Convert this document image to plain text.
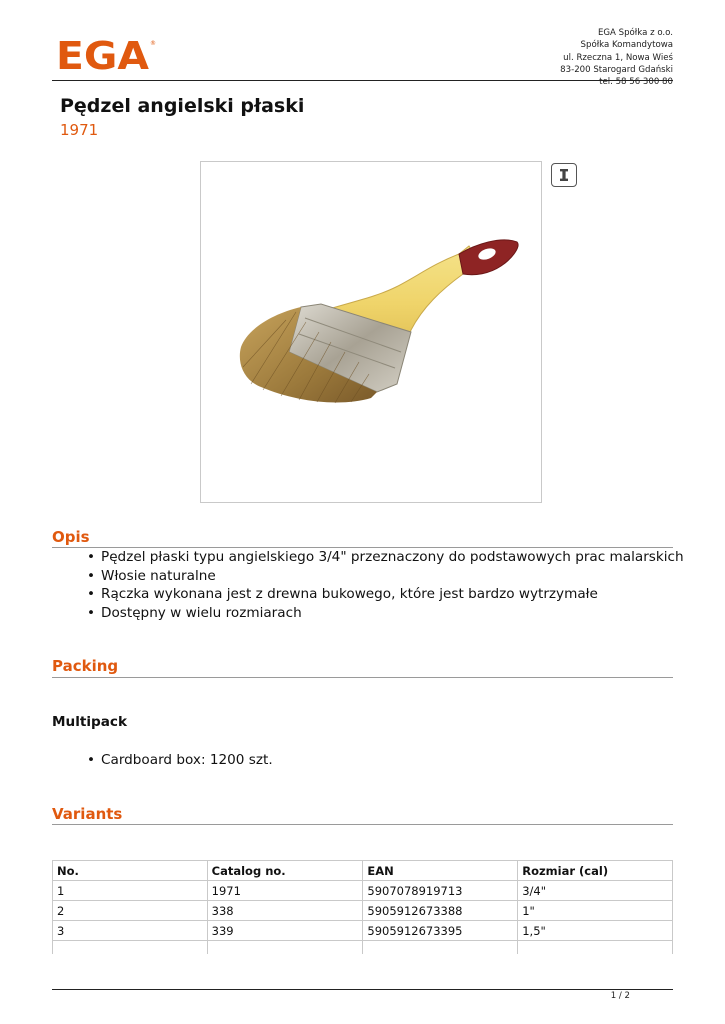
EGA ®
EGA Spółka z o.o.
Spółka Komandytowa
ul. Rzeczna 1, Nowa Wieś
83-200 Starogard Gdański
tel. 58 56 300 80
Pędzel angielski płaski
1971
Opis
• Pędzel płaski typu angielskiego 3/4" przeznaczony do podstawowych prac malarskich
• Włosie naturalne
• Rączka wykonana jest z drewna bukowego, które jest bardzo wytrzymałe
• Dostępny w wielu rozmiarach
Packing
Multipack
• Cardboard box: 1200 szt.
Variants
No.	Catalog no.	EAN	Rozmiar (cal)
1	1971	5907078919713	3/4"
2	338	5905912673388	1"
3	339	5905912673395	1,5"

1 / 2
